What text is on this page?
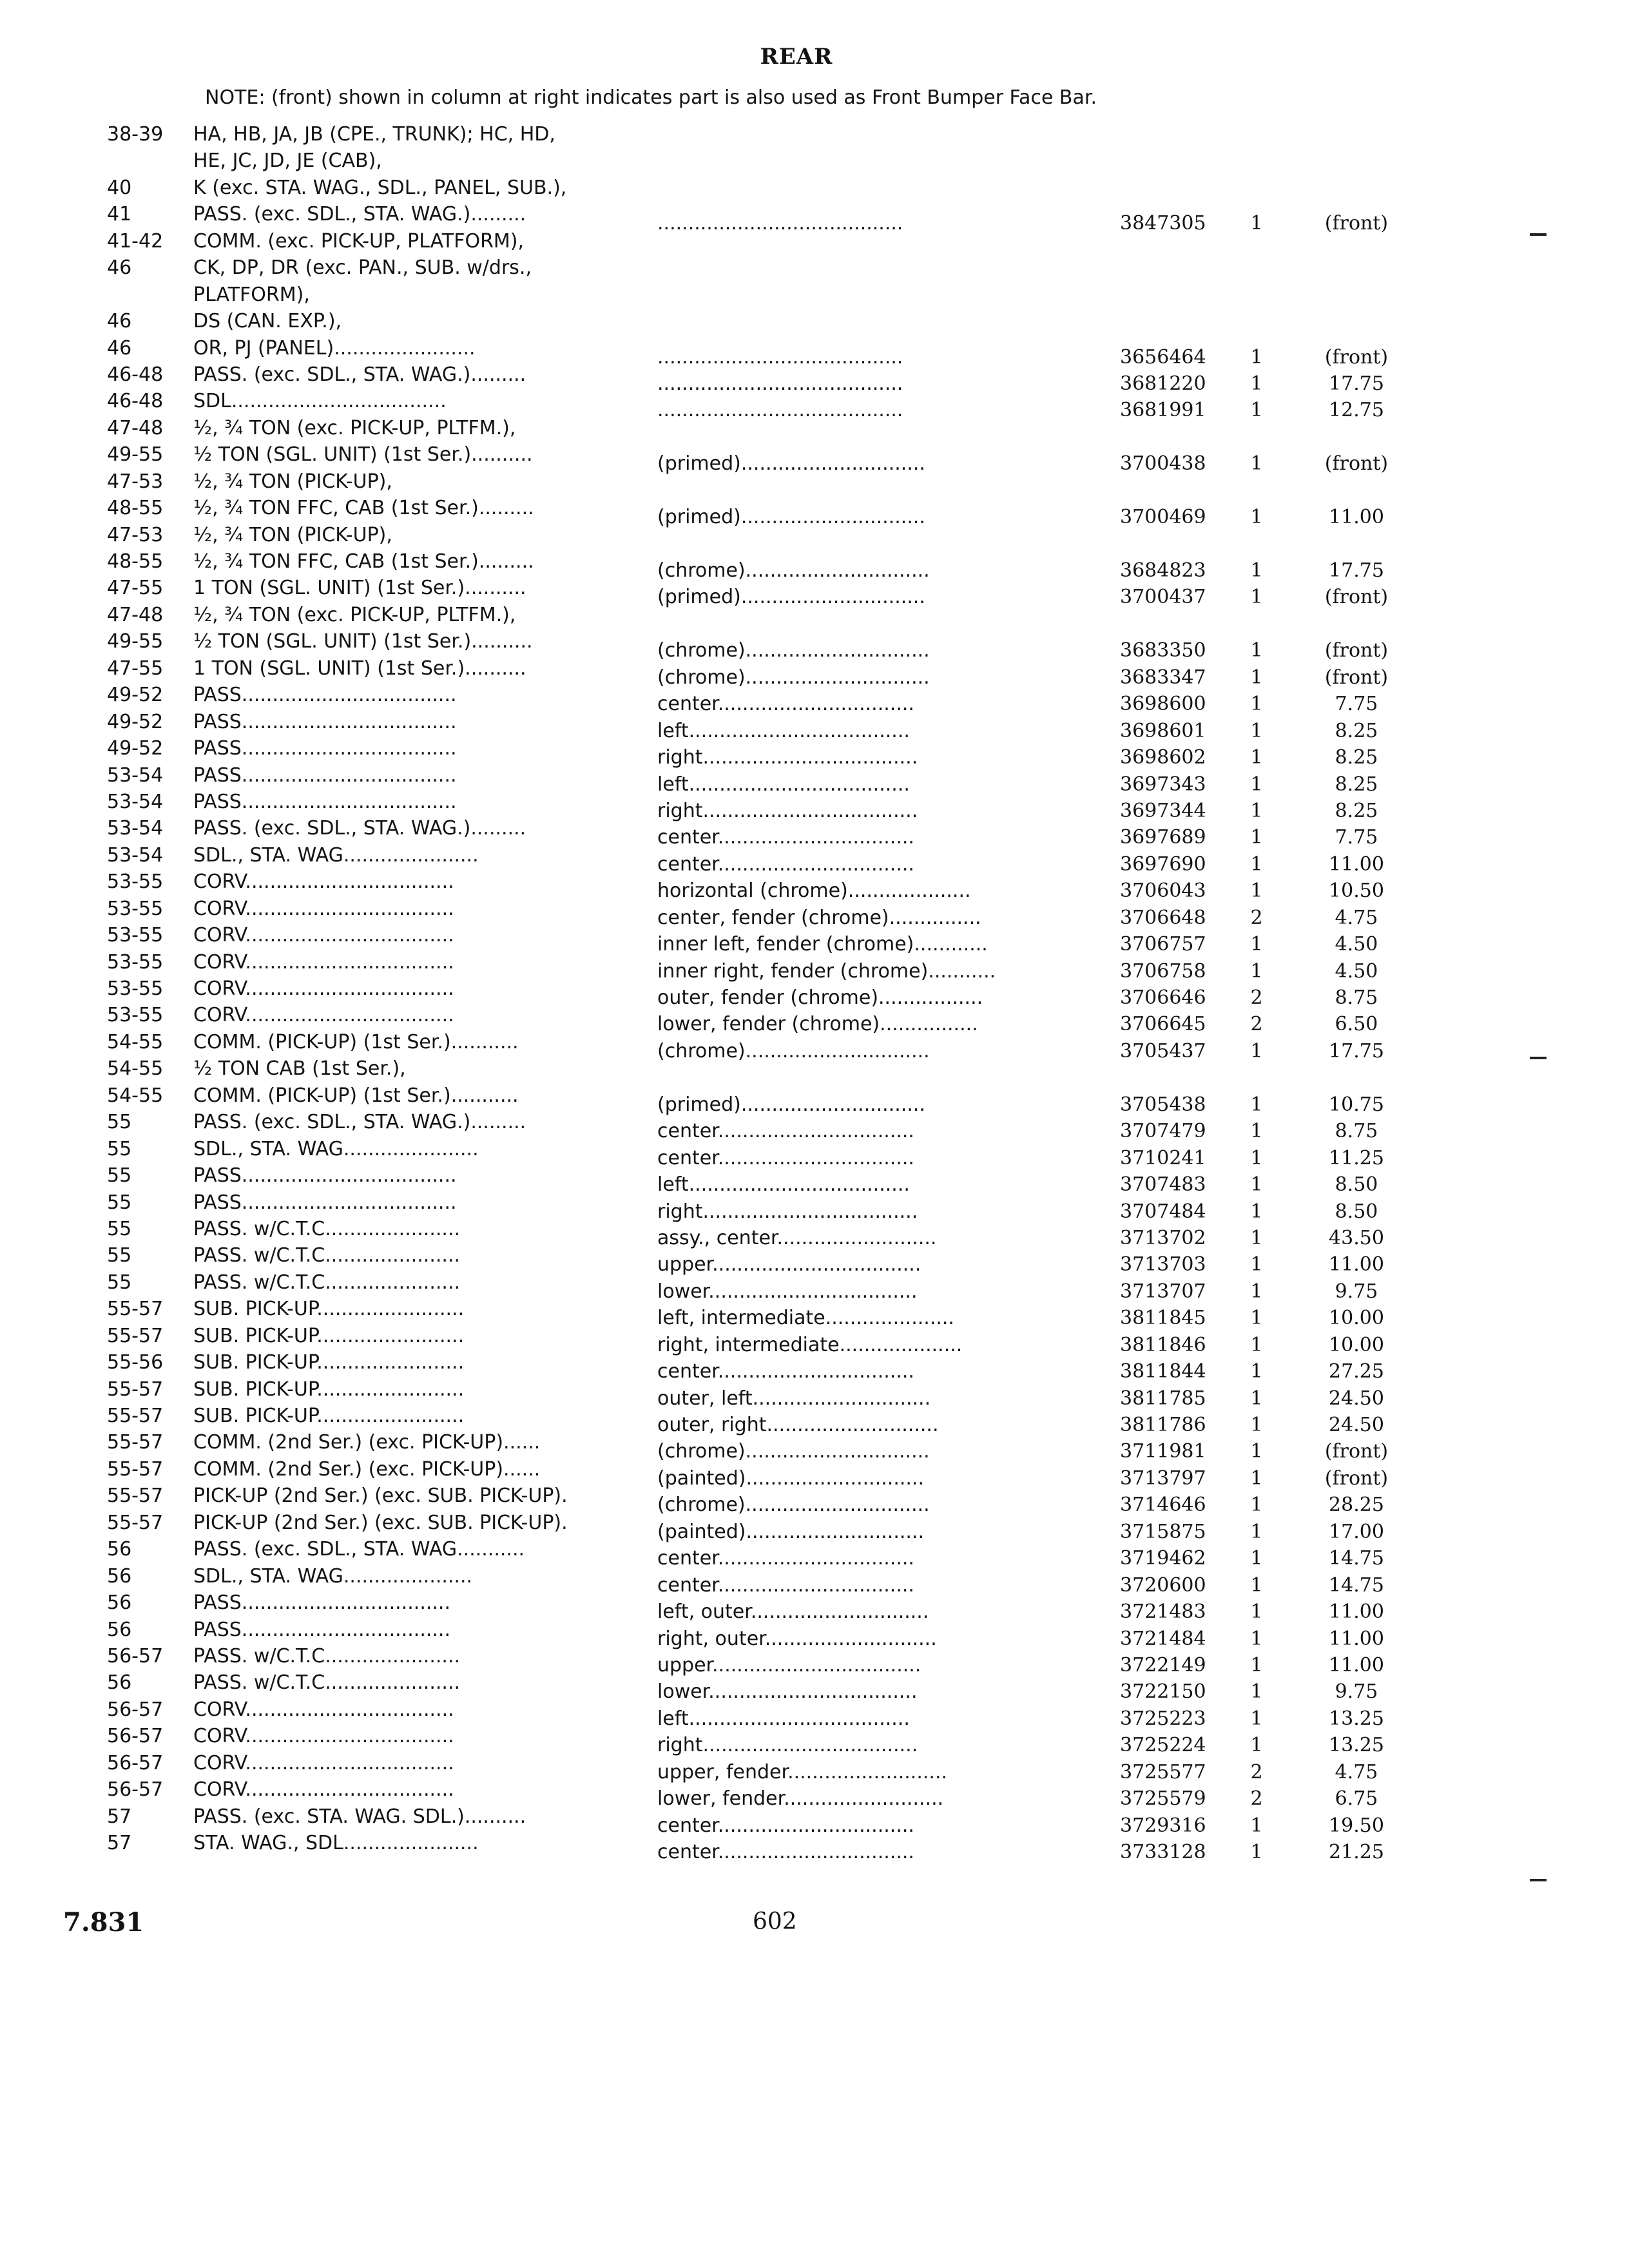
REAR
NOTE: (front) shown in column at right indicates part is also used as Front Bumper Face Bar.
38-39 HA, HB, JA, JB (CPE., TRUNK); HC, HD,
HE, JC, JD, JE (CAB),
40	K (exc. STA. WAG., SDL., PANEL, SUB.),
41	PASS. (exc. SDL., STA. WAG.).........	........................................	3847305	1	(front)
41-42 COMM. (exc. PICK-UP, PLATFORM),
46	CK, DP, DR (exc. PAN., SUB. w/drs.,
PLATFORM),
46	DS (CAN. EXP.),
46	OR, PJ (PANEL).......................	........................................	3656464	1	(front)
46-48 PASS. (exc. SDL., STA. WAG.).........	........................................	3681220	1	17.75
46-48 SDL...................................	........................................	3681991	1	12.75
47-48 ½, ¾ TON (exc. PICK-UP, PLTFM.),
49-55 ½ TON (SGL. UNIT) (1st Ser.)..........	(primed)..............................	3700438	1	(front)
47-53 ½, ¾ TON (PICK-UP),
48-55 ½, ¾ TON FFC, CAB (1st Ser.).........	(primed)..............................	3700469	1	11.00
47-53 ½, ¾ TON (PICK-UP),
48-55 ½, ¾ TON FFC, CAB (1st Ser.).........	(chrome)..............................	3684823	1	17.75
47-55 1 TON (SGL. UNIT) (1st Ser.)..........	(primed)..............................	3700437	1	(front)
47-48 ½, ¾ TON (exc. PICK-UP, PLTFM.),
49-55 ½ TON (SGL. UNIT) (1st Ser.)..........	(chrome)..............................	3683350	1	(front)
47-55 1 TON (SGL. UNIT) (1st Ser.)..........	(chrome)..............................	3683347	1	(front)
49-52 PASS...................................	center................................	3698600	1	7.75
49-52 PASS...................................	left....................................	3698601	1	8.25
49-52 PASS...................................	right...................................	3698602	1	8.25
53-54 PASS...................................	left....................................	3697343	1	8.25
53-54 PASS...................................	right...................................	3697344	1	8.25
53-54 PASS. (exc. SDL., STA. WAG.).........	center................................	3697689	1	7.75
53-54 SDL., STA. WAG......................	center................................	3697690	1	11.00
53-55 CORV..................................	horizontal (chrome)....................	3706043	1	10.50
53-55 CORV..................................	center, fender (chrome)...............	3706648	2	4.75
53-55 CORV..................................	inner left, fender (chrome)............	3706757	1	4.50
53-55 CORV..................................	inner right, fender (chrome)...........	3706758	1	4.50
53-55 CORV..................................	outer, fender (chrome).................	3706646	2	8.75
53-55 CORV..................................	lower, fender (chrome)................	3706645	2	6.50
54-55 COMM. (PICK-UP) (1st Ser.)...........	(chrome)..............................	3705437	1	17.75
54-55 ½ TON CAB (1st Ser.),
54-55 COMM. (PICK-UP) (1st Ser.)...........	(primed)..............................	3705438	1	10.75
55	PASS. (exc. SDL., STA. WAG.).........	center................................	3707479	1	8.75
55	SDL., STA. WAG......................	center................................	3710241	1	11.25
55	PASS...................................	left....................................	3707483	1	8.50
55	PASS...................................	right...................................	3707484	1	8.50
55	PASS. w/C.T.C......................	assy., center..........................	3713702	1	43.50
55	PASS. w/C.T.C......................	upper..................................	3713703	1	11.00
55	PASS. w/C.T.C......................	lower..................................	3713707	1	9.75
55-57 SUB. PICK-UP........................	left, intermediate.....................	3811845	1	10.00
55-57 SUB. PICK-UP........................	right, intermediate....................	3811846	1	10.00
55-56 SUB. PICK-UP........................	center................................	3811844	1	27.25
55-57 SUB. PICK-UP........................	outer, left.............................	3811785	1	24.50
55-57 SUB. PICK-UP........................	outer, right............................	3811786	1	24.50
55-57 COMM. (2nd Ser.) (exc. PICK-UP)......	(chrome)..............................	3711981	1	(front)
55-57 COMM. (2nd Ser.) (exc. PICK-UP)......	(painted).............................	3713797	1	(front)
55-57 PICK-UP (2nd Ser.) (exc. SUB. PICK-UP).	(chrome)..............................	3714646	1	28.25
55-57 PICK-UP (2nd Ser.) (exc. SUB. PICK-UP).	(painted).............................	3715875	1	17.00
56	PASS. (exc. SDL., STA. WAG...........	center................................	3719462	1	14.75
56	SDL., STA. WAG.....................	center................................	3720600	1	14.75
56	PASS..................................	left, outer.............................	3721483	1	11.00
56	PASS..................................	right, outer............................	3721484	1	11.00
56-57 PASS. w/C.T.C......................	upper..................................	3722149	1	11.00
56	PASS. w/C.T.C......................	lower..................................	3722150	1	9.75
56-57 CORV..................................	left....................................	3725223	1	13.25
56-57 CORV..................................	right...................................	3725224	1	13.25
56-57 CORV..................................	upper, fender..........................	3725577	2	4.75
56-57 CORV..................................	lower, fender..........................	3725579	2	6.75
57	PASS. (exc. STA. WAG. SDL.)..........	center................................	3729316	1	19.50
57	STA. WAG., SDL......................	center................................	3733128	1	21.25
7.831	602
